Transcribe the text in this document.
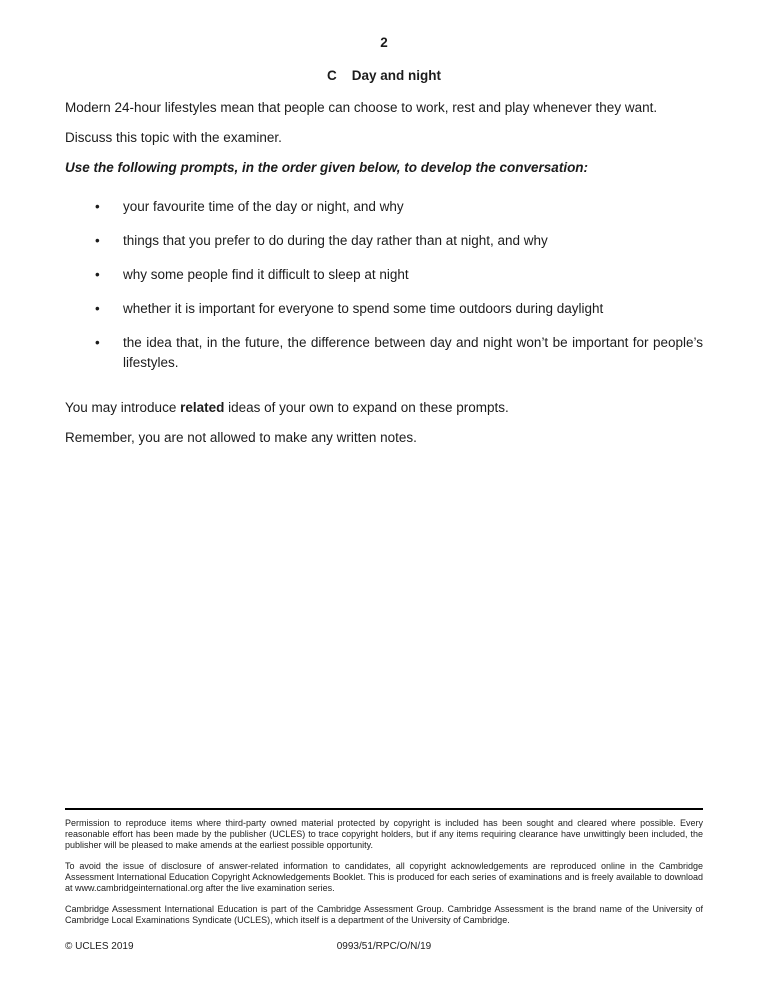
2
C Day and night

Modern 24-hour lifestyles mean that people can choose to work, rest and play whenever they want.

Discuss this topic with the examiner.

Use the following prompts, in the order given below, to develop the conversation:

•	your favourite time of the day or night, and why
•	things that you prefer to do during the day rather than at night, and why
•	why some people find it difficult to sleep at night
•	whether it is important for everyone to spend some time outdoors during daylight
•	the idea that, in the future, the difference between day and night won’t be important for people’s lifestyles.

You may introduce related ideas of your own to expand on these prompts.

Remember, you are not allowed to make any written notes.

Permission to reproduce items where third-party owned material protected by copyright is included has been sought and cleared where possible. Every reasonable effort has been made by the publisher (UCLES) to trace copyright holders, but if any items requiring clearance have unwittingly been included, the publisher will be pleased to make amends at the earliest possible opportunity.

To avoid the issue of disclosure of answer-related information to candidates, all copyright acknowledgements are reproduced online in the Cambridge Assessment International Education Copyright Acknowledgements Booklet. This is produced for each series of examinations and is freely available to download at www.cambridgeinternational.org after the live examination series.

Cambridge Assessment International Education is part of the Cambridge Assessment Group. Cambridge Assessment is the brand name of the University of Cambridge Local Examinations Syndicate (UCLES), which itself is a department of the University of Cambridge.

© UCLES 2019	0993/51/RPC/O/N/19
